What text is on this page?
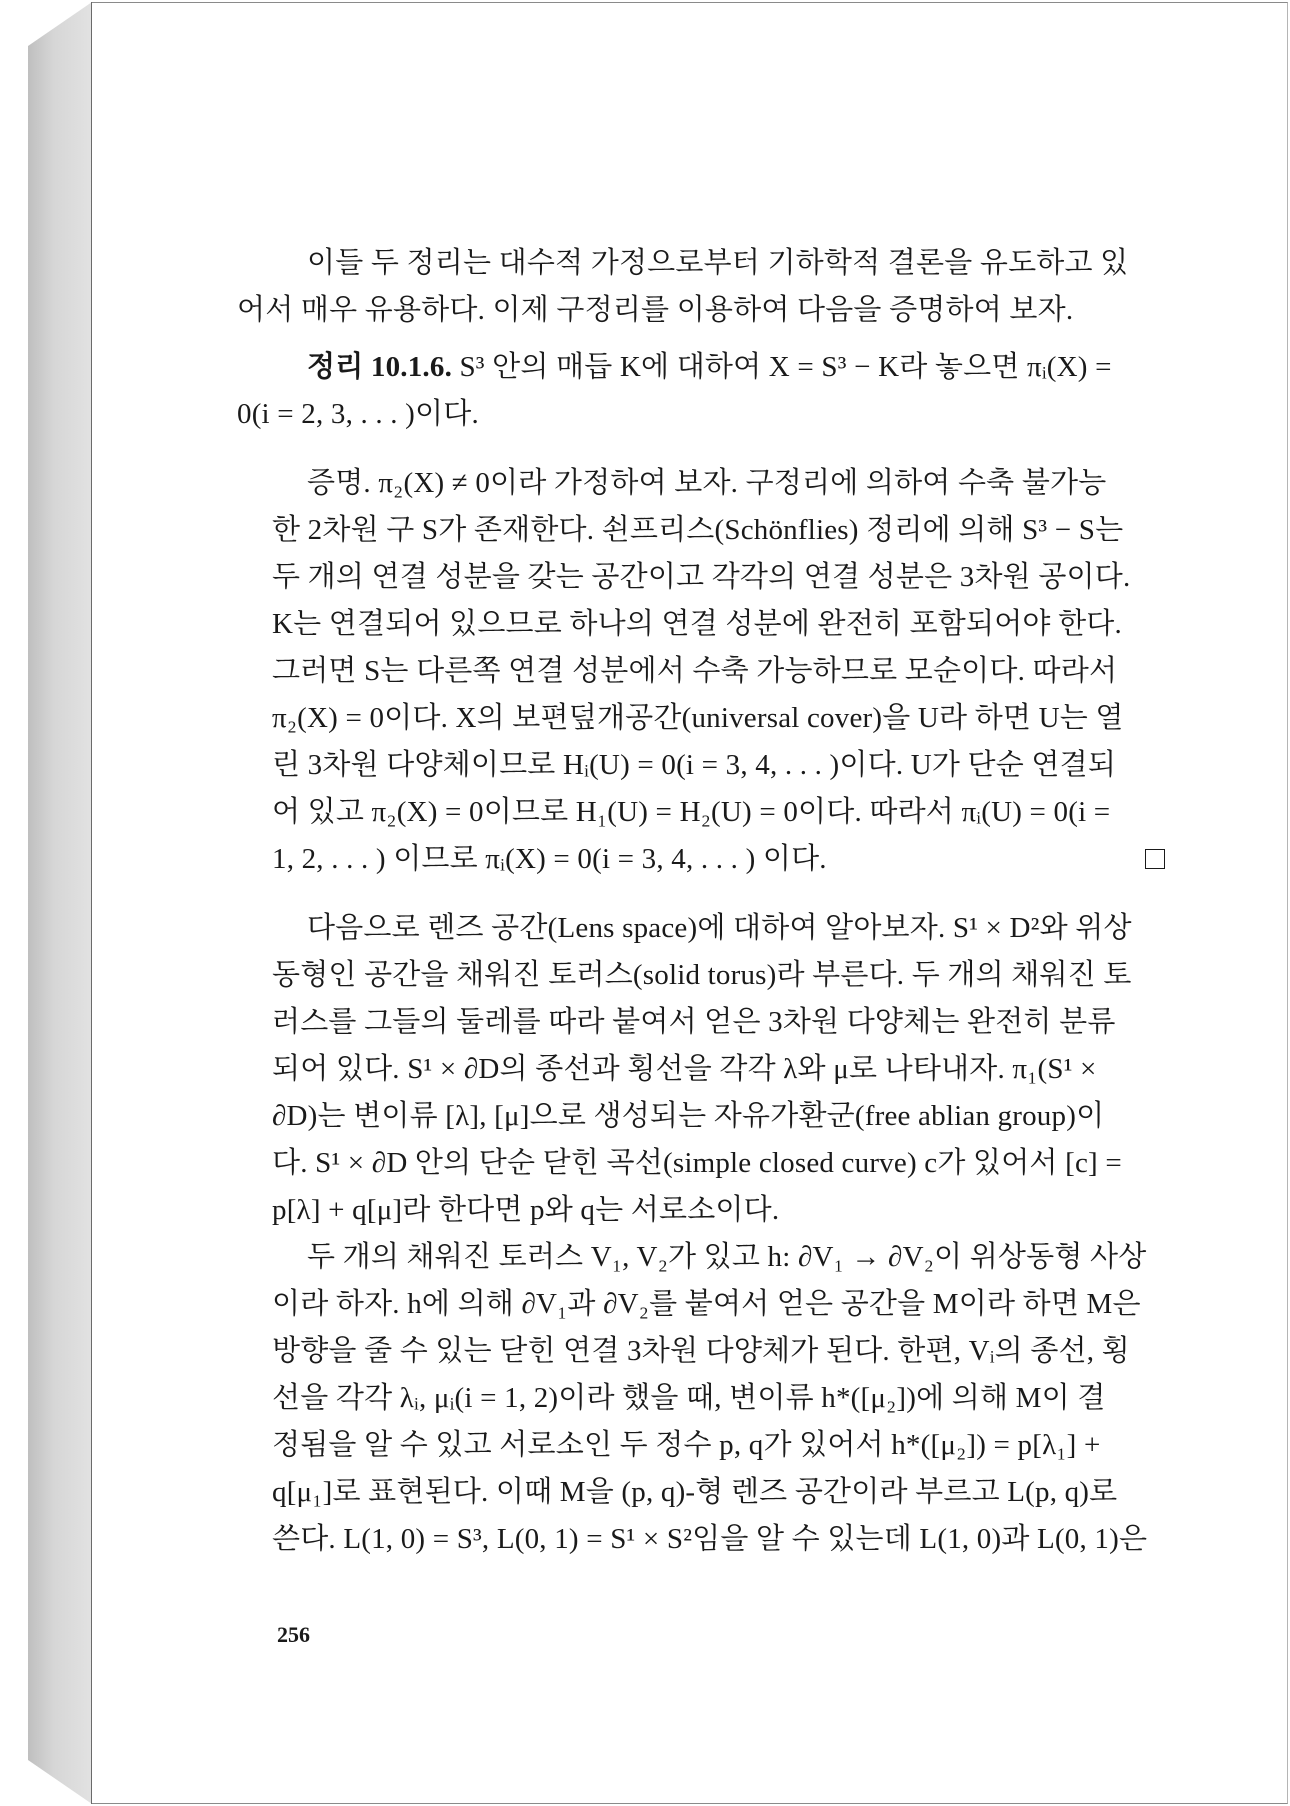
이들 두 정리는 대수적 가정으로부터 기하학적 결론을 유도하고 있
어서 매우 유용하다. 이제 구정리를 이용하여 다음을 증명하여 보자.
정리 10.1.6. S³ 안의 매듭 K에 대하여 X = S³ − K라 놓으면 πᵢ(X) =
0(i = 2, 3, . . . )이다.
증명. π₂(X) ≠ 0이라 가정하여 보자. 구정리에 의하여 수축 불가능
한 2차원 구 S가 존재한다. 쇤프리스(Schönflies) 정리에 의해 S³ − S는
두 개의 연결 성분을 갖는 공간이고 각각의 연결 성분은 3차원 공이다.
K는 연결되어 있으므로 하나의 연결 성분에 완전히 포함되어야 한다.
그러면 S는 다른쪽 연결 성분에서 수축 가능하므로 모순이다. 따라서
π₂(X) = 0이다. X의 보편덮개공간(universal cover)을 U라 하면 U는 열
린 3차원 다양체이므로 Hᵢ(U) = 0(i = 3, 4, . . . )이다. U가 단순 연결되
어 있고 π₂(X) = 0이므로 H₁(U) = H₂(U) = 0이다. 따라서 πᵢ(U) = 0(i =
1, 2, . . . ) 이므로 πᵢ(X) = 0(i = 3, 4, . . . ) 이다.
다음으로 렌즈 공간(Lens space)에 대하여 알아보자. S¹ × D²와 위상
동형인 공간을 채워진 토러스(solid torus)라 부른다. 두 개의 채워진 토
러스를 그들의 둘레를 따라 붙여서 얻은 3차원 다양체는 완전히 분류
되어 있다. S¹ × ∂D의 종선과 횡선을 각각 λ와 μ로 나타내자. π₁(S¹ ×
∂D)는 변이류 [λ], [μ]으로 생성되는 자유가환군(free ablian group)이
다. S¹ × ∂D 안의 단순 닫힌 곡선(simple closed curve) c가 있어서 [c] =
p[λ] + q[μ]라 한다면 p와 q는 서로소이다.
두 개의 채워진 토러스 V₁, V₂가 있고 h: ∂V₁ → ∂V₂이 위상동형 사상
이라 하자. h에 의해 ∂V₁과 ∂V₂를 붙여서 얻은 공간을 M이라 하면 M은
방향을 줄 수 있는 닫힌 연결 3차원 다양체가 된다. 한편, Vᵢ의 종선, 횡
선을 각각 λᵢ, μᵢ(i = 1, 2)이라 했을 때, 변이류 h*([μ₂])에 의해 M이 결
정됨을 알 수 있고 서로소인 두 정수 p, q가 있어서 h*([μ₂]) = p[λ₁] +
q[μ₁]로 표현된다. 이때 M을 (p, q)-형 렌즈 공간이라 부르고 L(p, q)로
쓴다. L(1, 0) = S³, L(0, 1) = S¹ × S²임을 알 수 있는데 L(1, 0)과 L(0, 1)은
256
